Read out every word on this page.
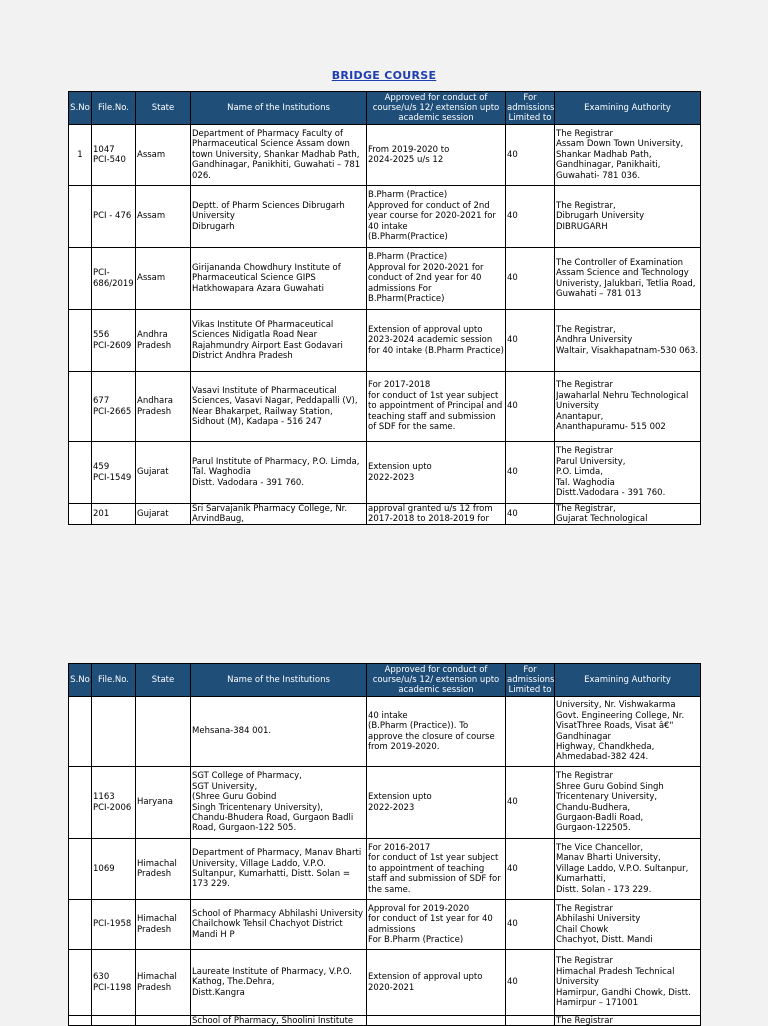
BRIDGE COURSE
S.No	File.No.	State	Name of the Institutions	Approved for conduct of course/u/s 12/ extension upto academic session	For admissions Limited to	Examining Authority

1	1047
PCI-540	Assam	Department of Pharmacy Faculty of Pharmaceutical Science Assam down town University, Shankar Madhab Path, Gandhinagar, Panikhiti, Guwahati – 781 026.	From 2019-2020 to
2024-2025 u/s 12	40	The Registrar
Assam Down Town University, Shankar Madhab Path, Gandhinagar, Panikhaiti, Guwahati- 781 036.

	PCI - 476	Assam	Deptt. of Pharm Sciences Dibrugarh University
Dibrugarh	B.Pharm (Practice)
Approved for conduct of 2nd year course for 2020-2021 for 40 intake
(B.Pharm(Practice)	40	The Registrar,
Dibrugarh University
DIBRUGARH

	PCI-686/2019	Assam	Girijananda Chowdhury Institute of Pharmaceutical Science GIPS Hatkhowapara Azara Guwahati	B.Pharm (Practice)
Approval for 2020-2021 for conduct of 2nd year for 40 admissions For
B.Pharm(Practice)	40	The Controller of Examination Assam Science and Technology Univeristy, Jalukbari, Tetlia Road,
Guwahati – 781 013

	556
PCI-2609	Andhra Pradesh	Vikas Institute Of Pharmaceutical Sciences Nidigatla Road Near Rajahmundry Airport East Godavari District Andhra Pradesh	Extension of approval upto 2023-2024 academic session for 40 intake (B.Pharm Practice)	40	The Registrar,
Andhra University
Waltair, Visakhapatnam-530 063.

	677
PCI-2665	Andhara Pradesh	Vasavi Institute of Pharmaceutical Sciences, Vasavi Nagar, Peddapalli (V), Near Bhakarpet, Railway Station, Sidhout (M), Kadapa - 516 247	For 2017-2018
for conduct of 1st year subject to appointment of Principal and teaching staff and submission of SDF for the same.	40	The Registrar
Jawaharlal Nehru Technological University
Anantapur,
Ananthapuramu- 515 002

	459
PCI-1549	Gujarat	Parul Institute of Pharmacy, P.O. Limda, Tal. Waghodia
Distt. Vadodara - 391 760.	Extension upto
2022-2023	40	The Registrar
Parul University,
P.O. Limda,
Tal. Waghodia
Distt.Vadodara - 391 760.

	201	Gujarat	Sri Sarvajanik Pharmacy College, Nr. ArvindBaug,	approval granted u/s 12 from 2017-2018 to 2018-2019 for	40	The Registrar,
Gujarat Technological
S.No	File.No.	State	Name of the Institutions	Approved for conduct of course/u/s 12/ extension upto academic session	For admissions Limited to	Examining Authority

			Mehsana-384 001.	40 intake
(B.Pharm (Practice)). To approve the closure of course from 2019-2020.		University, Nr. Vishwakarma Govt. Engineering College, Nr. VisatThree Roads, Visat â€" Gandhinagar
Highway, Chandkheda, Ahmedabad-382 424.

	1163
PCI-2006	Haryana	SGT College of Pharmacy,
SGT University,
(Shree Guru Gobind
Singh Tricentenary University),
Chandu-Bhudera Road, Gurgaon Badli Road, Gurgaon-122 505.	Extension upto
2022-2023	40	The Registrar
Shree Guru Gobind Singh Tricentenary University,
Chandu-Budhera,
Gurgaon-Badli Road,
Gurgaon-122505.

	1069	Himachal Pradesh	Department of Pharmacy, Manav Bharti University, Village Laddo, V.P.O. Sultanpur, Kumarhatti, Distt. Solan = 173 229.	For 2016-2017
for conduct of 1st year subject to appointment of teaching staff and submission of SDF for the same.	40	The Vice Chancellor,
Manav Bharti University,
Village Laddo, V.P.O. Sultanpur, Kumarhatti,
Distt. Solan - 173 229.

	PCI-1958	Himachal Pradesh	School of Pharmacy Abhilashi University Chailchowk Tehsil Chachyot District Mandi H P	Approval for 2019-2020
for conduct of 1st year for 40 admissions
For B.Pharm (Practice)	40	The Registrar
Abhilashi University
Chail Chowk
Chachyot, Distt. Mandi

	630
PCI-1198	Himachal Pradesh	Laureate Institute of Pharmacy, V.P.O. Kathog, The.Dehra,
Distt.Kangra	Extension of approval upto 2020-2021	40	The Registrar
Himachal Pradesh Technical University
Hamirpur, Gandhi Chowk, Distt. Hamirpur – 171001

			School of Pharmacy, Shoolini Institute			The Registrar
